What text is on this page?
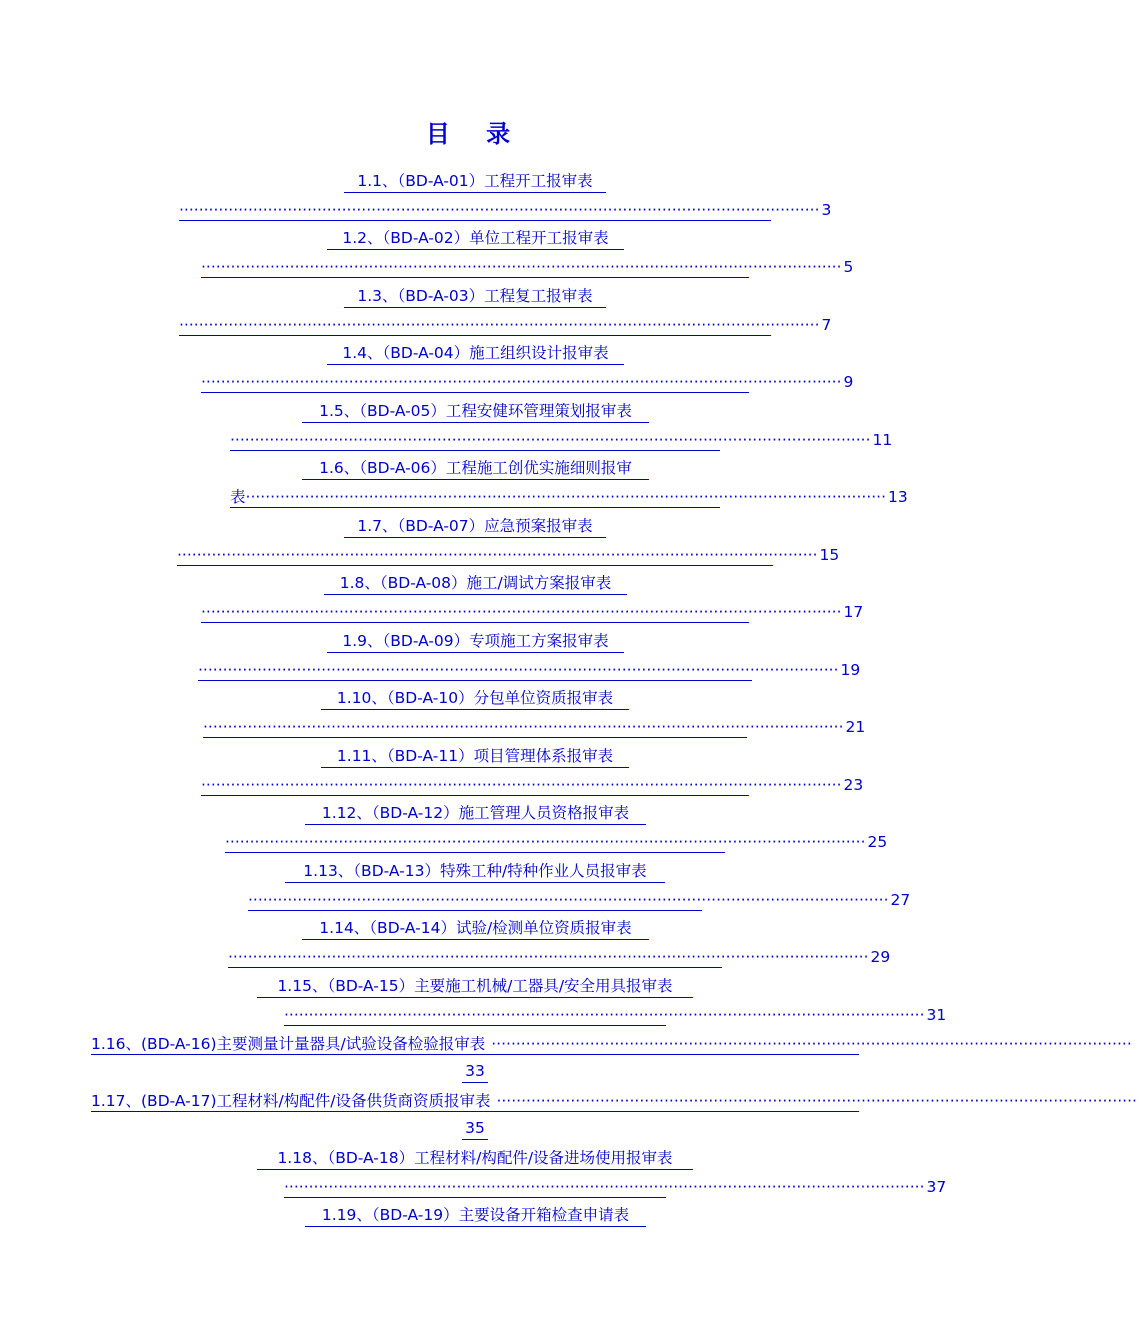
目 录
1.1、（BD-A-01）工程开工报审表
·································································································································· 3
1.2、（BD-A-02）单位工程开工报审表
·································································································································· 5
1.3、（BD-A-03）工程复工报审表
·································································································································· 7
1.4、（BD-A-04）施工组织设计报审表
·································································································································· 9
1.5、（BD-A-05）工程安健环管理策划报审表
·································································································································· 11
1.6、（BD-A-06）工程施工创优实施细则报审
表 ·································································································································· 13
1.7、（BD-A-07）应急预案报审表
·································································································································· 15
1.8、（BD-A-08）施工/调试方案报审表
·································································································································· 17
1.9、（BD-A-09）专项施工方案报审表
·································································································································· 19
1.10、（BD-A-10）分包单位资质报审表
·································································································································· 21
1.11、（BD-A-11）项目管理体系报审表
·································································································································· 23
1.12、（BD-A-12）施工管理人员资格报审表
·································································································································· 25
1.13、（BD-A-13）特殊工种/特种作业人员报审表
·································································································································· 27
1.14、（BD-A-14）试验/检测单位资质报审表
·································································································································· 29
1.15、（BD-A-15）主要施工机械/工器具/安全用具报审表
·································································································································· 31
1.16、(BD-A-16)主要测量计量器具/试验设备检验报审表 ··································································································································
33
1.17、(BD-A-17)工程材料/构配件/设备供货商资质报审表 ··································································································································
35
1.18、（BD-A-18）工程材料/构配件/设备进场使用报审表
·································································································································· 37
1.19、（BD-A-19）主要设备开箱检查申请表
